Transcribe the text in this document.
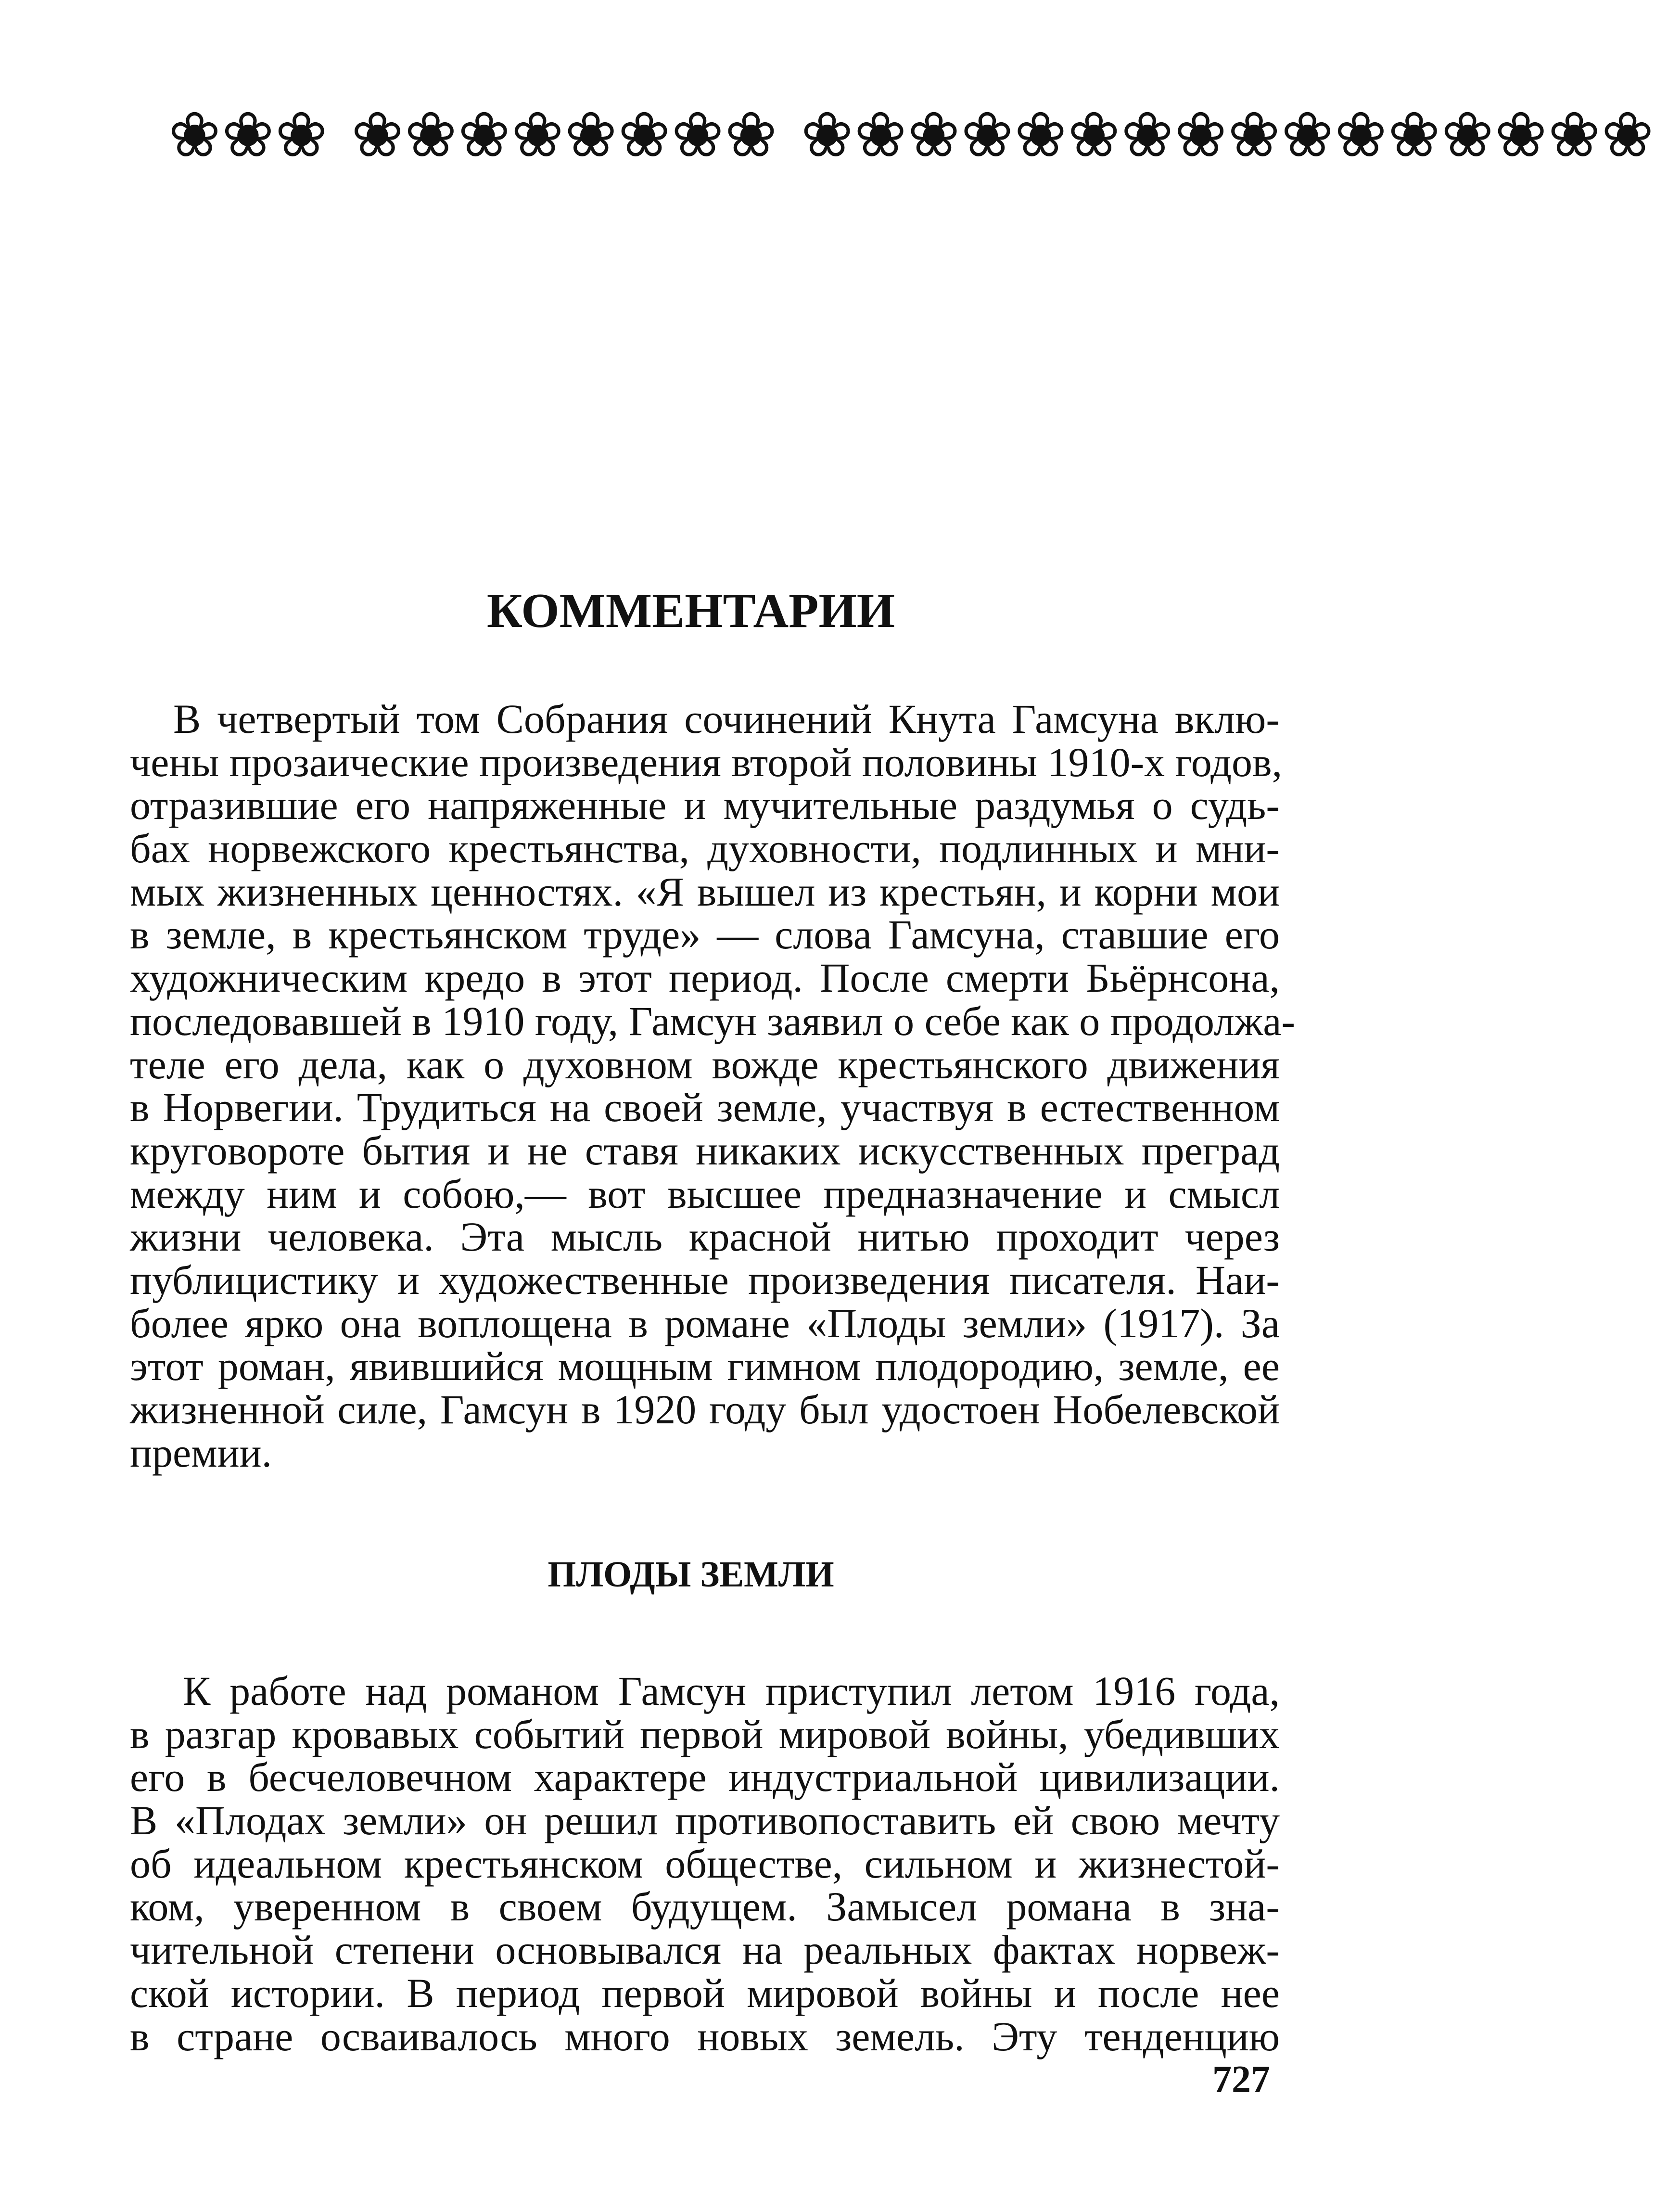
❀❀❀ ❀❀❀❀❀❀❀❀ ❀❀❀❀❀❀❀❀❀❀❀❀❀❀❀❀
КОММЕНТАРИИ
В четвертый том Собрания сочинений Кнута Гамсуна вклю-
чены прозаические произведения второй половины 1910-х годов,
отразившие его напряженные и мучительные раздумья о судь-
бах норвежского крестьянства, духовности, подлинных и мни-
мых жизненных ценностях. «Я вышел из крестьян, и корни мои
в земле, в крестьянском труде» — слова Гамсуна, ставшие его
художническим кредо в этот период. После смерти Бьёрнсона,
последовавшей в 1910 году, Гамсун заявил о себе как о продолжа-
теле его дела, как о духовном вожде крестьянского движения
в Норвегии. Трудиться на своей земле, участвуя в естественном
круговороте бытия и не ставя никаких искусственных преград
между ним и собою,— вот высшее предназначение и смысл
жизни человека. Эта мысль красной нитью проходит через
публицистику и художественные произведения писателя. Наи-
более ярко она воплощена в романе «Плоды земли» (1917). За
этот роман, явившийся мощным гимном плодородию, земле, ее
жизненной силе, Гамсун в 1920 году был удостоен Нобелевской
премии.
ПЛОДЫ ЗЕМЛИ
К работе над романом Гамсун приступил летом 1916 года,
в разгар кровавых событий первой мировой войны, убедивших
его в бесчеловечном характере индустриальной цивилизации.
В «Плодах земли» он решил противопоставить ей свою мечту
об идеальном крестьянском обществе, сильном и жизнестой-
ком, уверенном в своем будущем. Замысел романа в зна-
чительной степени основывался на реальных фактах норвеж-
ской истории. В период первой мировой войны и после нее
в стране осваивалось много новых земель. Эту тенденцию
727
